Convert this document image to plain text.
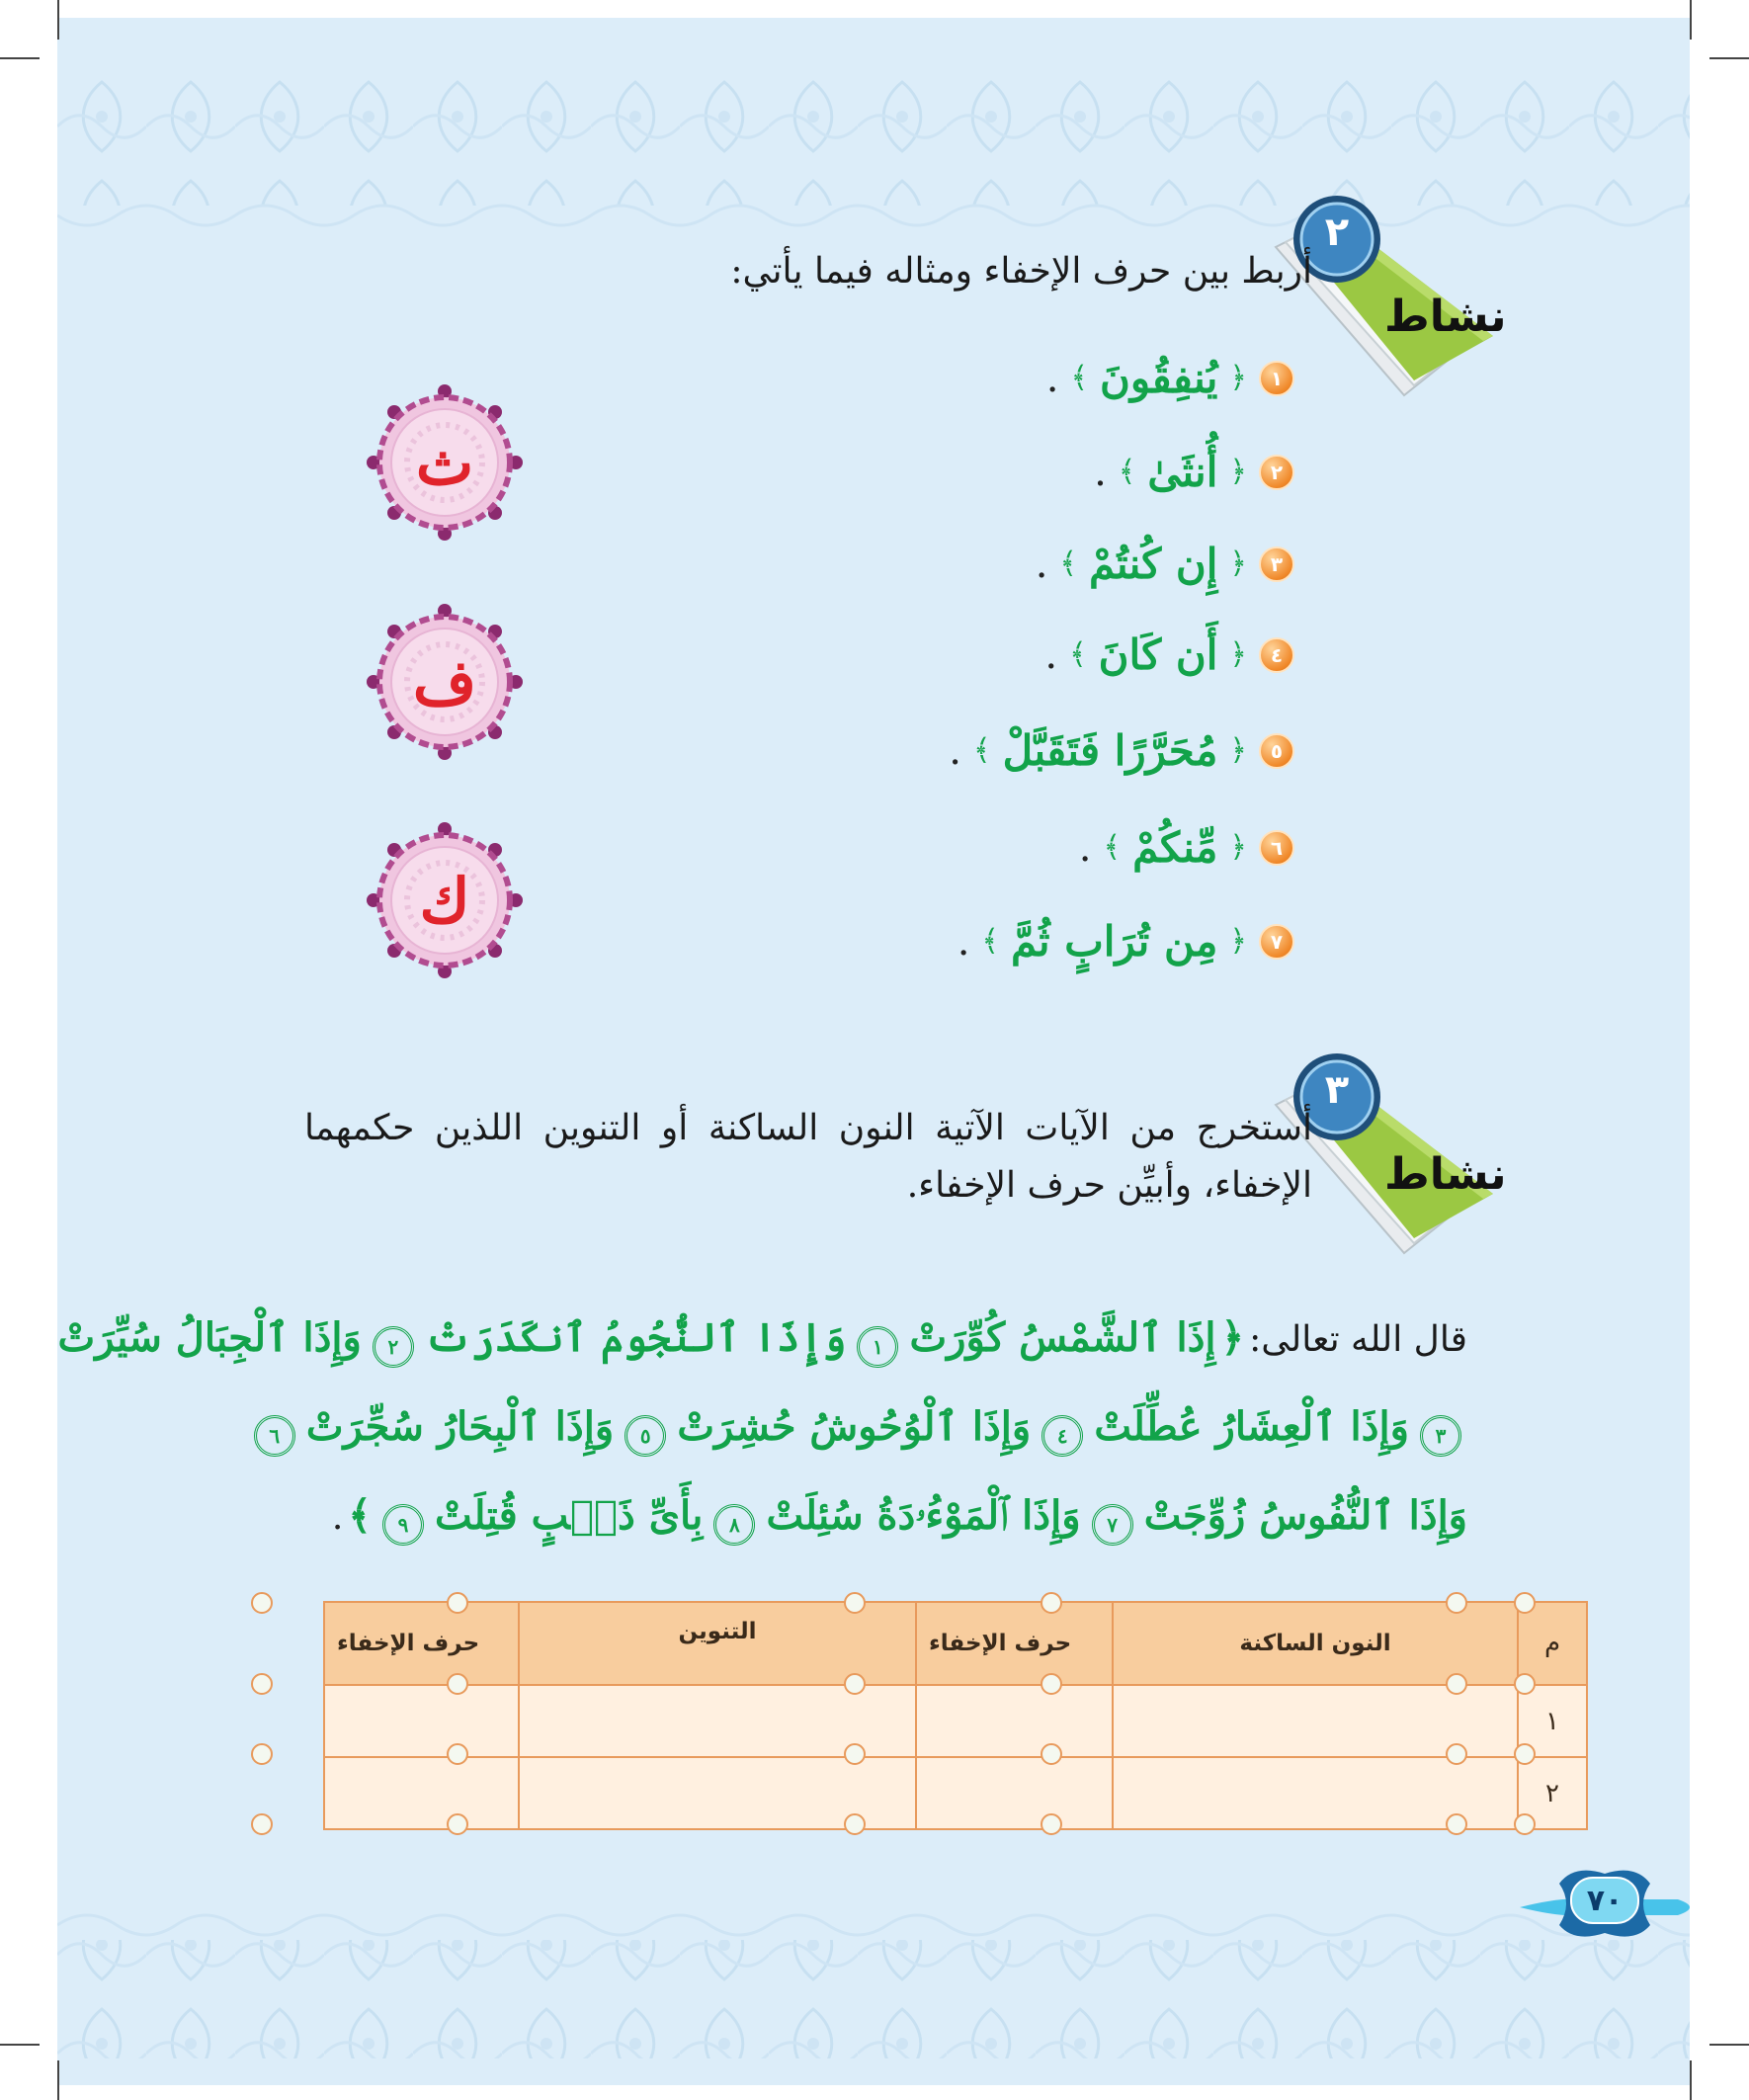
٢
نشاط
أربط بين حرف الإخفاء ومثاله فيما يأتي:
١
﴿
يُنفِقُونَ
﴾
.
٢
﴿
أُنثَىٰ
﴾
.
٣
﴿
إِن كُنتُمْ
﴾
.
٤
﴿
أَن كَانَ
﴾
.
٥
﴿
مُحَرَّرًا فَتَقَبَّلْ
﴾
.
٦
﴿
مِّنكُمْ
﴾
.
٧
﴿
مِن تُرَابٍ ثُمَّ
﴾
.
ث
ف
ك
٣
نشاط
أستخرج من الآيات الآتية النون الساكنة أو التنوين اللذين حكمهما
الإخفاء، وأبيِّن حرف الإخفاء.
قال الله تعالى: ﴿ إِذَا ٱلشَّمْسُ كُوِّرَتْ ١ وَإِذَا ٱلنُّجُومُ ٱنكَدَرَتْ ٢ وَإِذَا ٱلْجِبَالُ سُيِّرَتْ
٣ وَإِذَا ٱلْعِشَارُ عُطِّلَتْ ٤ وَإِذَا ٱلْوُحُوشُ حُشِرَتْ ٥ وَإِذَا ٱلْبِحَارُ سُجِّرَتْ ٦
وَإِذَا ٱلنُّفُوسُ زُوِّجَتْ ٧ وَإِذَا ٱلْمَوْءُۥدَةُ سُئِلَتْ ٨ بِأَىِّ ذَنۢبٍ قُتِلَتْ ٩ ﴾ .
م
النون الساكنة
حرف الإخفاء
التنوين
حرف الإخفاء
١
٢
٧٠
